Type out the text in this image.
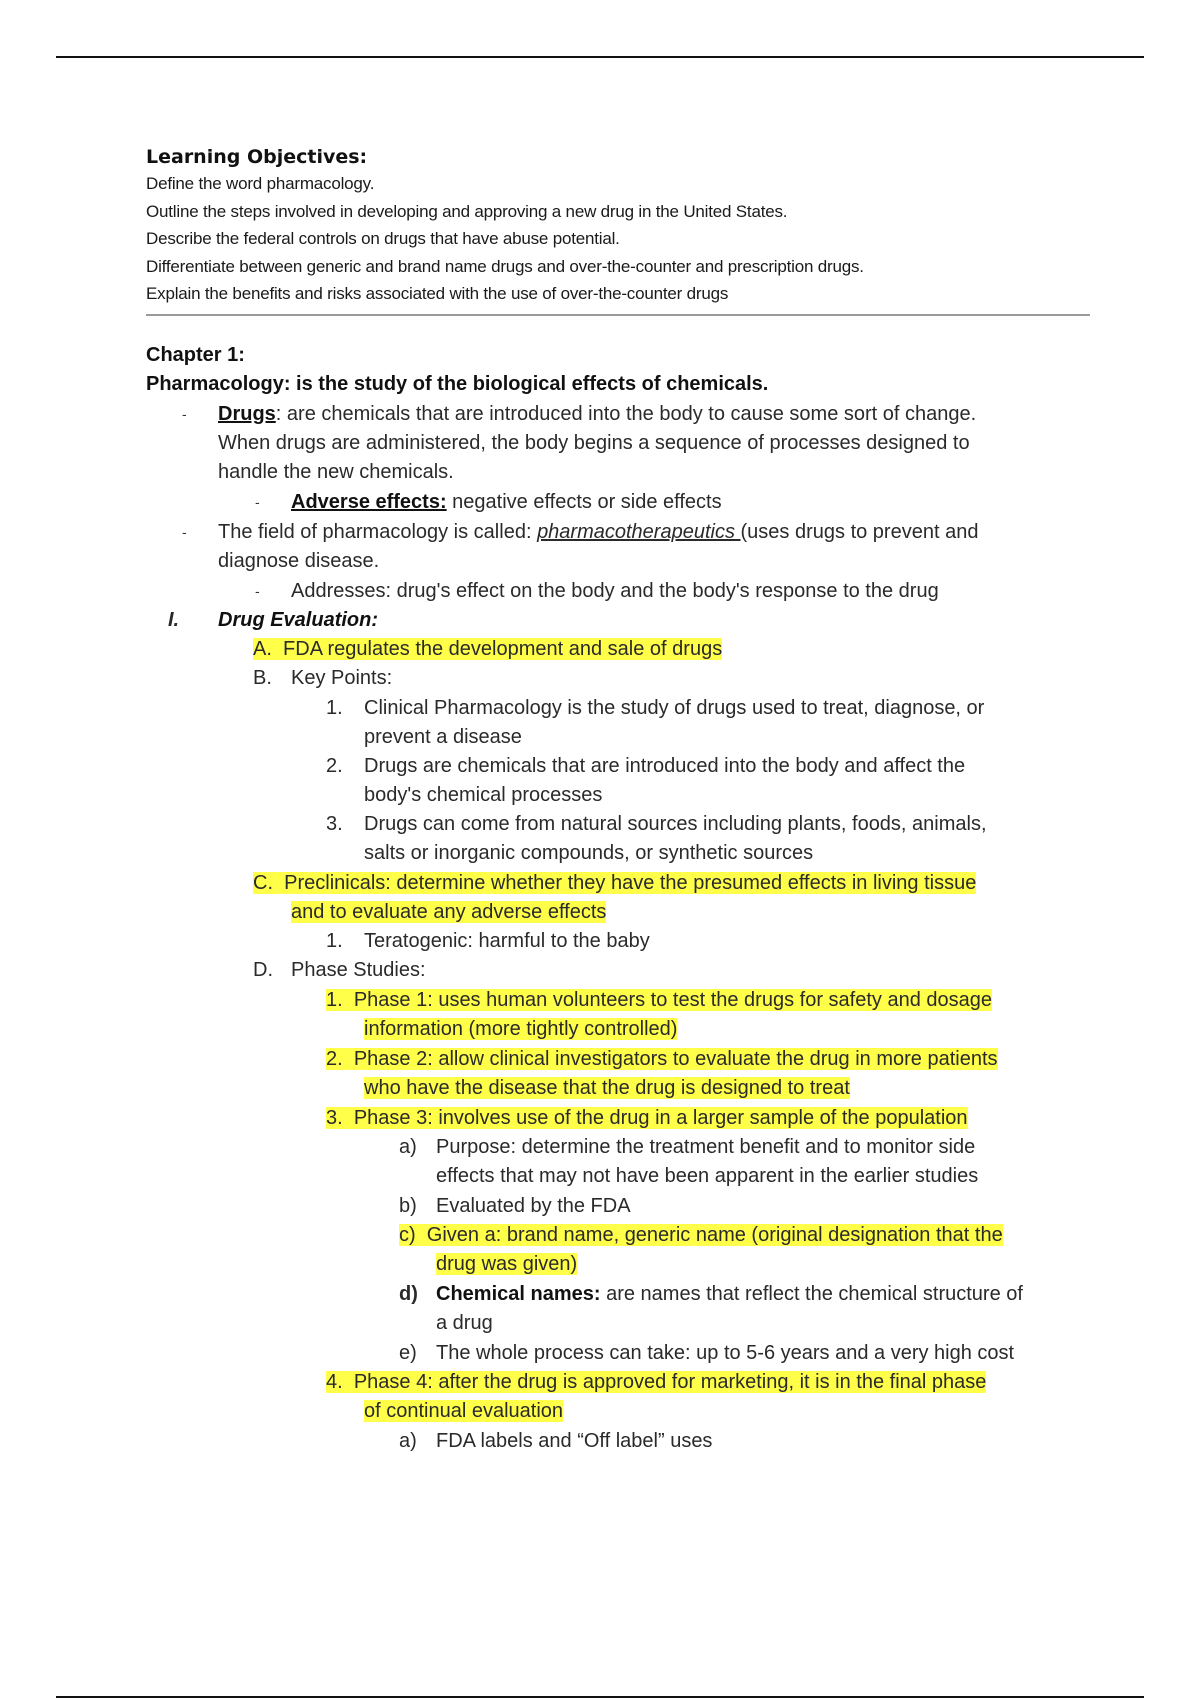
Learning Objectives:
Define the word pharmacology.
Outline the steps involved in developing and approving a new drug in the United States.
Describe the federal controls on drugs that have abuse potential.
Differentiate between generic and brand name drugs and over-the-counter and prescription drugs.
Explain the benefits and risks associated with the use of over-the-counter drugs
Chapter 1:
Pharmacology: is the study of the biological effects of chemicals.
- Drugs: are chemicals that are introduced into the body to cause some sort of change.
When drugs are administered, the body begins a sequence of processes designed to
handle the new chemicals.
- Adverse effects: negative effects or side effects
- The field of pharmacology is called: pharmacotherapeutics (uses drugs to prevent and
diagnose disease.
- Addresses: drug's effect on the body and the body's response to the drug
I. Drug Evaluation:
A. FDA regulates the development and sale of drugs
B. Key Points:
1. Clinical Pharmacology is the study of drugs used to treat, diagnose, or
prevent a disease
2. Drugs are chemicals that are introduced into the body and affect the
body's chemical processes
3. Drugs can come from natural sources including plants, foods, animals,
salts or inorganic compounds, or synthetic sources
C. Preclinicals: determine whether they have the presumed effects in living tissue
and to evaluate any adverse effects
1. Teratogenic: harmful to the baby
D. Phase Studies:
1. Phase 1: uses human volunteers to test the drugs for safety and dosage
information (more tightly controlled)
2. Phase 2: allow clinical investigators to evaluate the drug in more patients
who have the disease that the drug is designed to treat
3. Phase 3: involves use of the drug in a larger sample of the population
a) Purpose: determine the treatment benefit and to monitor side
effects that may not have been apparent in the earlier studies
b) Evaluated by the FDA
c) Given a: brand name, generic name (original designation that the
drug was given)
d) Chemical names: are names that reflect the chemical structure of
a drug
e) The whole process can take: up to 5-6 years and a very high cost
4. Phase 4: after the drug is approved for marketing, it is in the final phase
of continual evaluation
a) FDA labels and “Off label” uses
